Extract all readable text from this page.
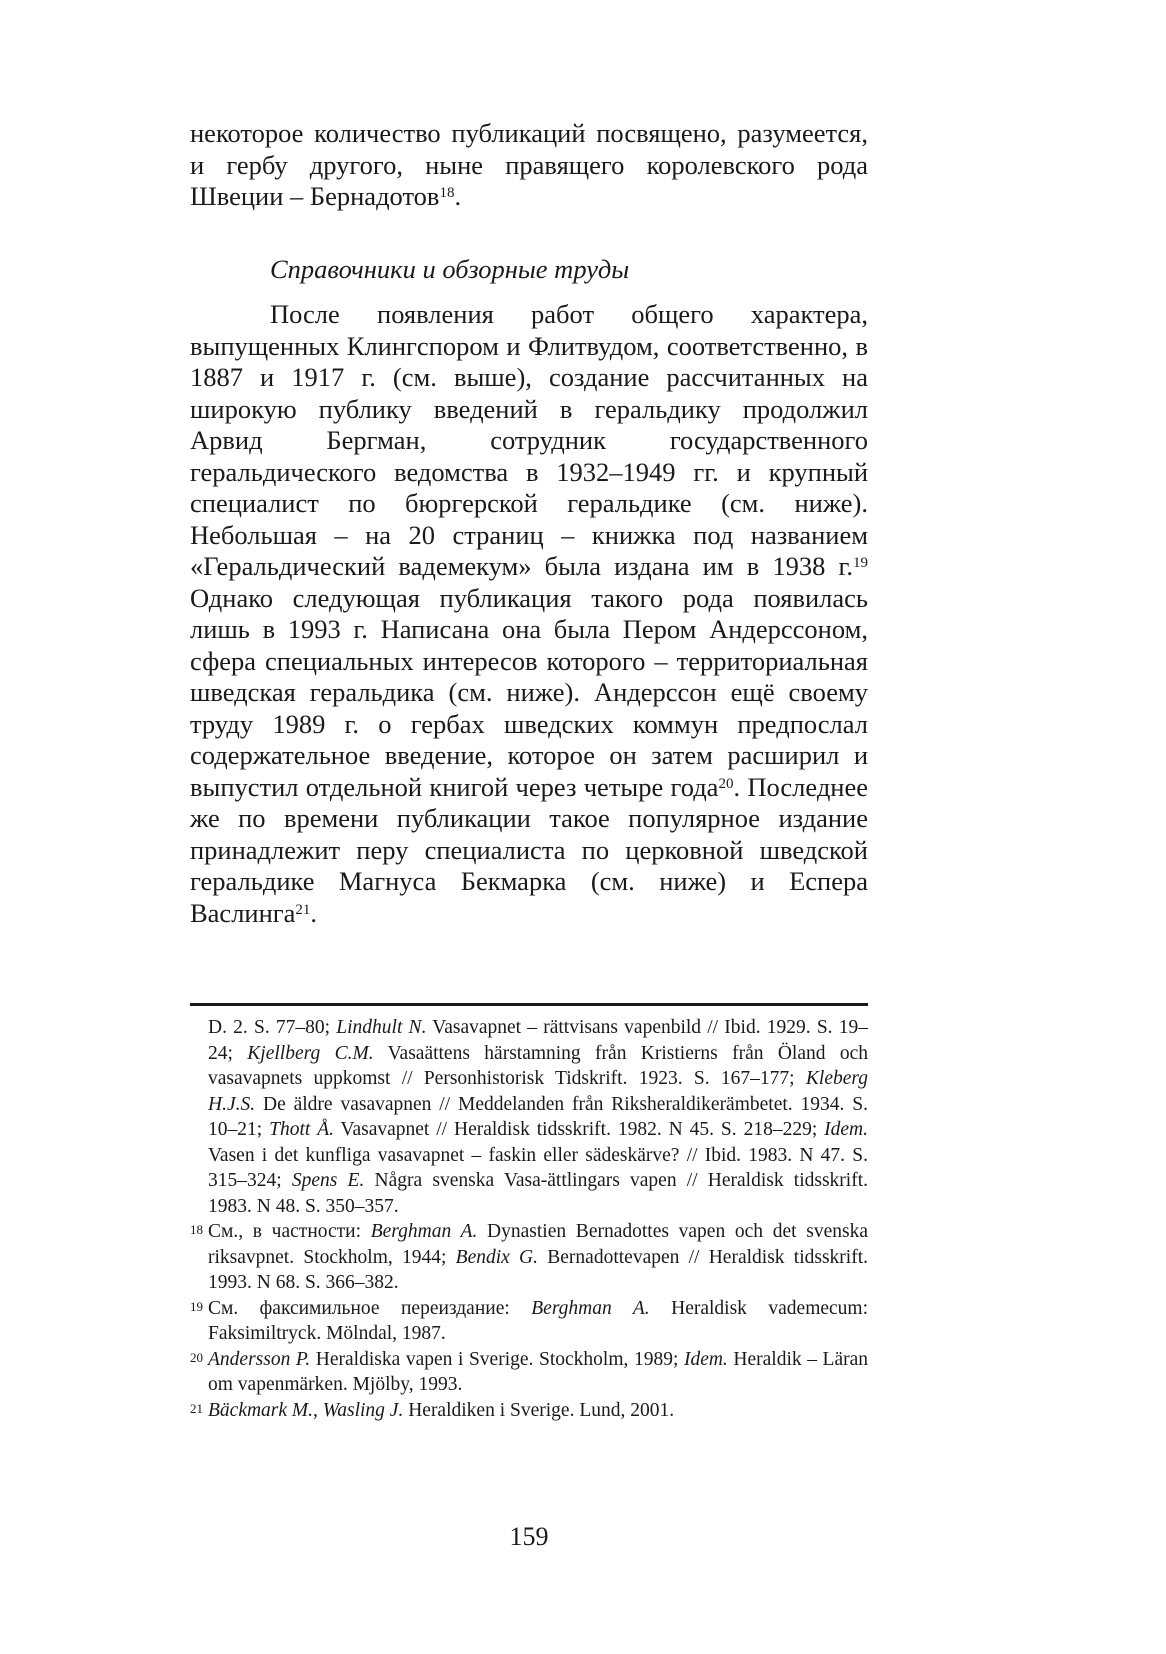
некоторое количество публикаций посвящено, разумеется, и гербу другого, ныне правящего королевского рода Швеции – Бернадотов$^{18}$.

Справочники и обзорные труды

После появления работ общего характера, выпущенных Клингспором и Флитвудом, соответственно, в 1887 и 1917 г. (см. выше), создание рассчитанных на широкую публику введений в геральдику продолжил Арвид Бергман, сотрудник государственного геральдического ведомства в 1932–1949 гг. и крупный специалист по бюргерской геральдике (см. ниже). Небольшая – на 20 страниц – книжка под названием «Геральдический вадемекум» была издана им в 1938 г.$^{19}$ Однако следующая публикация такого рода появилась лишь в 1993 г. Написана она была Пером Андерссоном, сфера специальных интересов которого – территориальная шведская геральдика (см. ниже). Андерссон ещё своему труду 1989 г. о гербах шведских коммун предпослал содержательное введение, которое он затем расширил и выпустил отдельной книгой через четыре года$^{20}$. Последнее же по времени публикации такое популярное издание принадлежит перу специалиста по церковной шведской геральдике Магнуса Бекмарка (см. ниже) и Еспера Васлинга$^{21}$.

D. 2. S. 77–80; Lindhult N. Vasavapnet – rättvisans vapenbild // Ibid. 1929. S. 19–24; Kjellberg C.M. Vasaättens härstamning från Kristierns från Öland och vasavapnets uppkomst // Personhistorisk Tidskrift. 1923. S. 167–177; Kleberg H.J.S. De äldre vasavapnen // Meddelanden från Riksheraldikerämbetet. 1934. S. 10–21; Thott Å. Vasavapnet // Heraldisk tidsskrift. 1982. N 45. S. 218–229; Idem. Vasen i det kunfliga vasavapnet – faskin eller sädeskärve? // Ibid. 1983. N 47. S. 315–324; Spens E. Några svenska Vasa-ättlingars vapen // Heraldisk tidsskrift. 1983. N 48. S. 350–357.

18 См., в частности: Berghman A. Dynastien Bernadottes vapen och det svenska riksavpnet. Stockholm, 1944; Bendix G. Bernadottevapen // Heraldisk tidsskrift. 1993. N 68. S. 366–382.

19 См. факсимильное переиздание: Berghman A. Heraldisk vademecum: Faksimiltryck. Mölndal, 1987.

20 Andersson P. Heraldiska vapen i Sverige. Stockholm, 1989; Idem. Heraldik – Läran om vapenmärken. Mjölby, 1993.

21 Bäckmark M., Wasling J. Heraldiken i Sverige. Lund, 2001.

159
